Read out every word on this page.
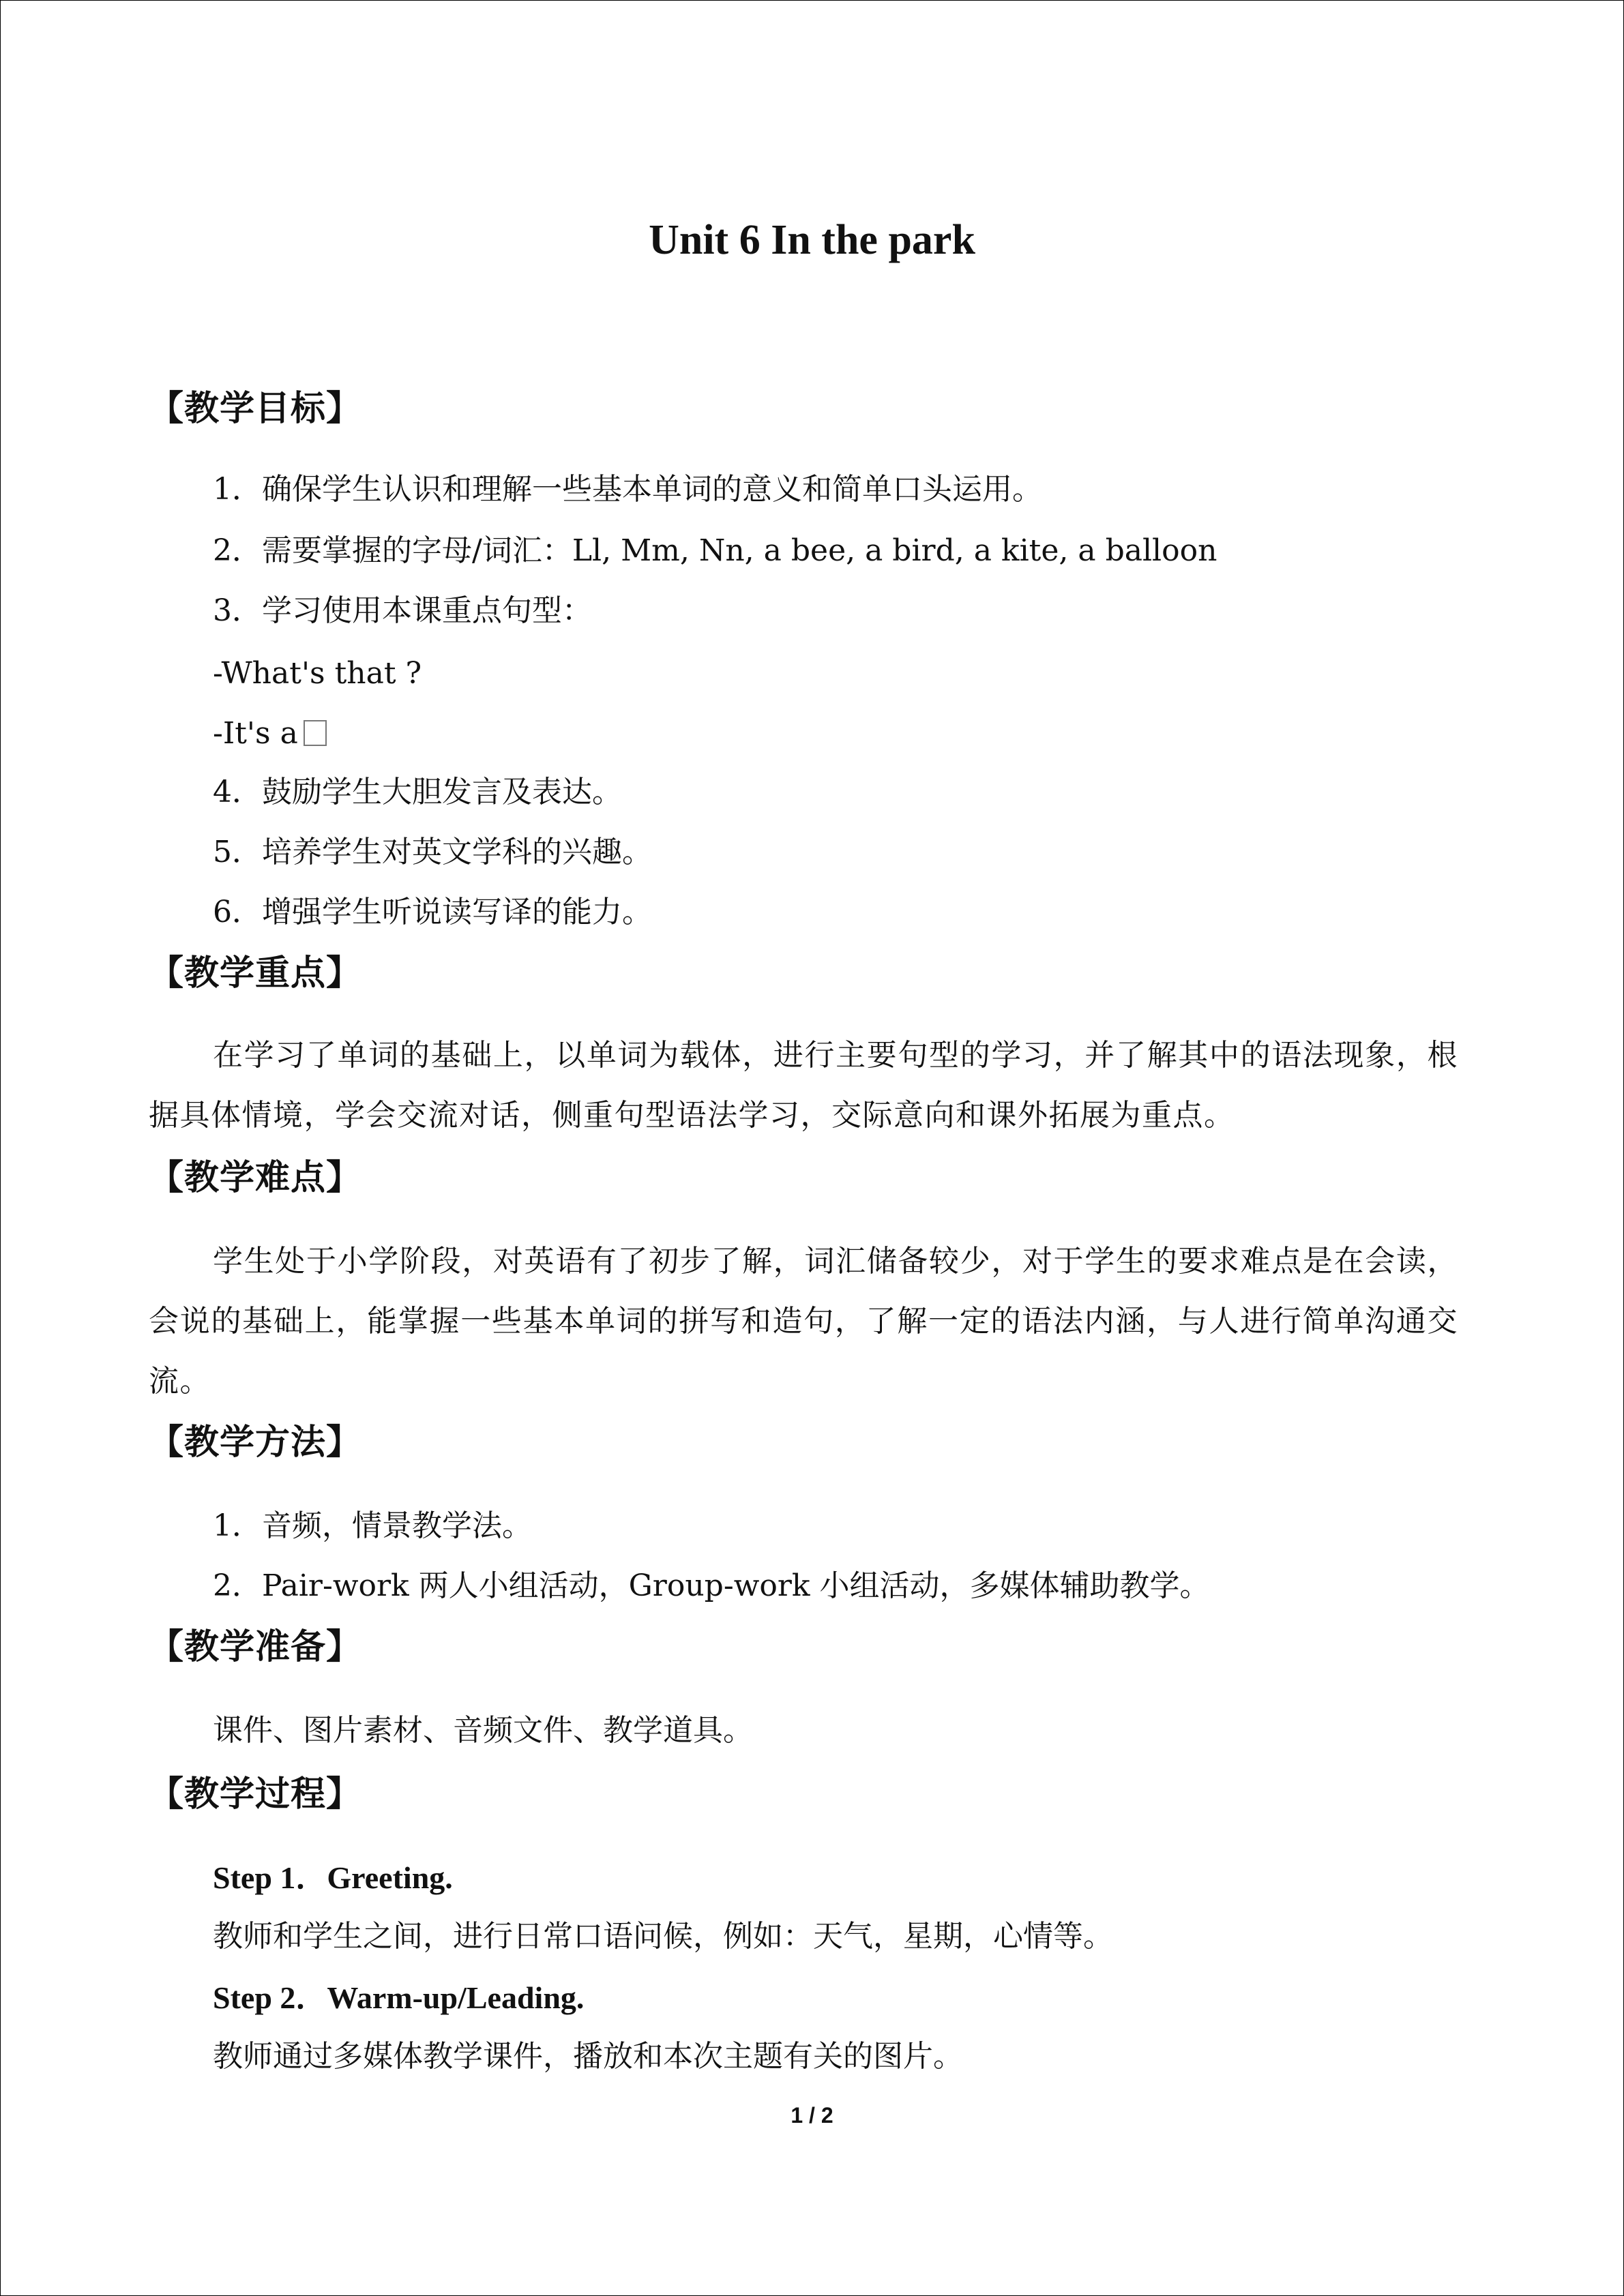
Unit 6 In the park
【教学目标】
1．确保学生认识和理解一些基本单词的意义和简单口头运用。
2．需要掌握的字母/词汇：Ll, Mm, Nn, a bee, a bird, a kite, a balloon
3．学习使用本课重点句型：
-What's that ?
-It's a
4．鼓励学生大胆发言及表达。
5．培养学生对英文学科的兴趣。
6．增强学生听说读写译的能力。
【教学重点】
在学习了单词的基础上，以单词为载体，进行主要句型的学习，并了解其中的语法现象，根据具体情境，学会交流对话，侧重句型语法学习，交际意向和课外拓展为重点。
【教学难点】
学生处于小学阶段，对英语有了初步了解，词汇储备较少，对于学生的要求难点是在会读，会说的基础上，能掌握一些基本单词的拼写和造句，了解一定的语法内涵，与人进行简单沟通交流。
【教学方法】
1．音频，情景教学法。
2．Pair-work 两人小组活动，Group-work 小组活动，多媒体辅助教学。
【教学准备】
课件、图片素材、音频文件、教学道具。
【教学过程】
Step 1．Greeting.
教师和学生之间，进行日常口语问候，例如：天气，星期，心情等。
Step 2．Warm-up/Leading.
教师通过多媒体教学课件，播放和本次主题有关的图片。
1 / 2
